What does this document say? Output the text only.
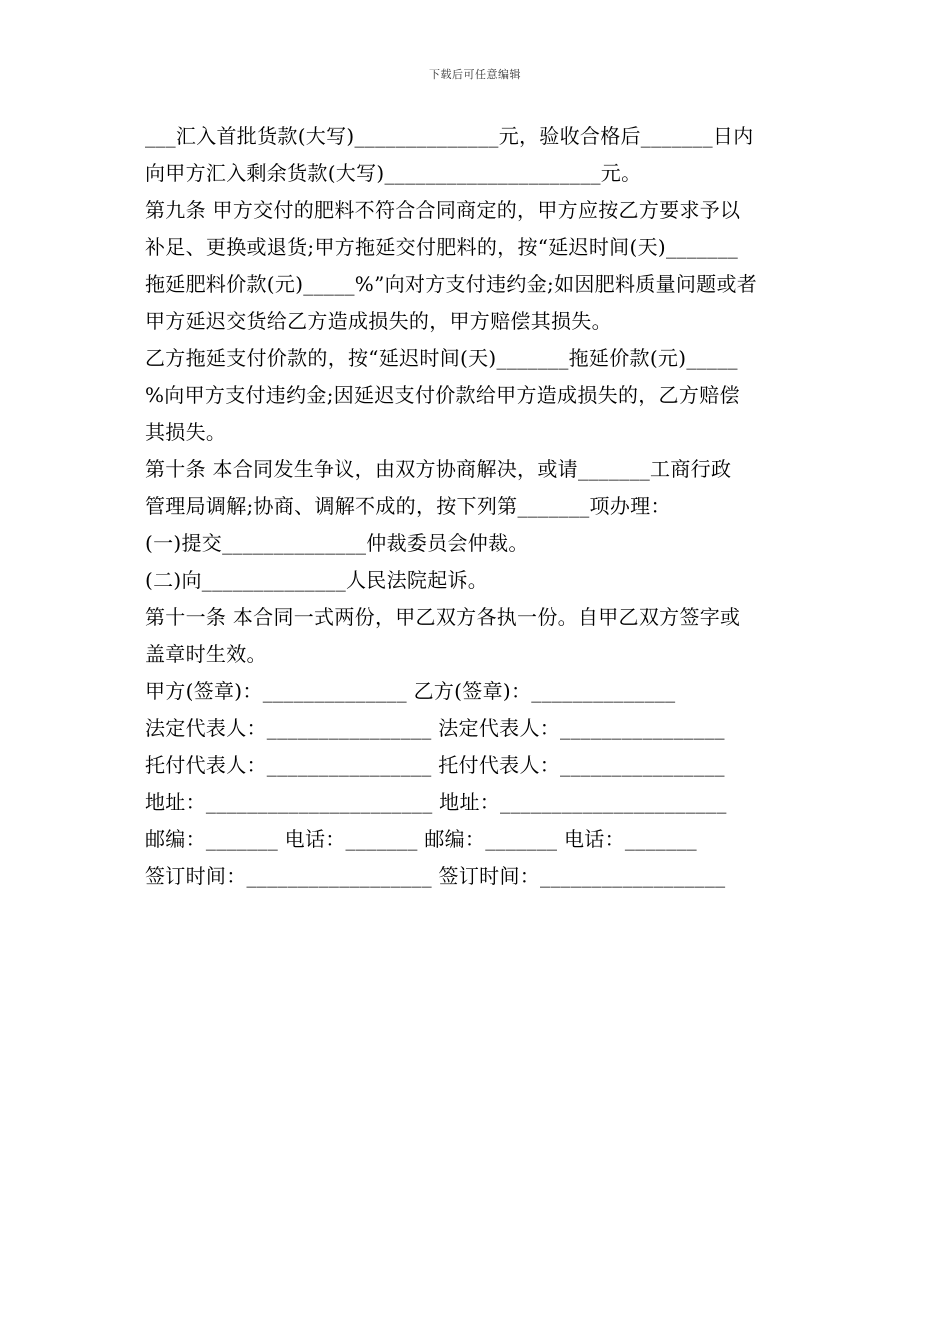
下载后可任意编辑
___汇入首批货款(大写)______________元，验收合格后_______日内
向甲方汇入剩余货款(大写)_____________________元。
第九条 甲方交付的肥料不符合合同商定的，甲方应按乙方要求予以
补足、更换或退货;甲方拖延交付肥料的，按“延迟时间(天)_______
拖延肥料价款(元)_____%”向对方支付违约金;如因肥料质量问题或者
甲方延迟交货给乙方造成损失的，甲方赔偿其损失。
乙方拖延支付价款的，按“延迟时间(天)_______拖延价款(元)_____
%向甲方支付违约金;因延迟支付价款给甲方造成损失的，乙方赔偿
其损失。
第十条 本合同发生争议，由双方协商解决，或请_______工商行政
管理局调解;协商、调解不成的，按下列第_______项办理：
(一)提交______________仲裁委员会仲裁。
(二)向______________人民法院起诉。
第十一条 本合同一式两份，甲乙双方各执一份。自甲乙双方签字或
盖章时生效。
甲方(签章)：______________ 乙方(签章)：______________
法定代表人：________________ 法定代表人：________________
托付代表人：________________ 托付代表人：________________
地址：______________________ 地址：______________________
邮编：_______ 电话：_______ 邮编：_______ 电话：_______
签订时间：__________________ 签订时间：__________________
